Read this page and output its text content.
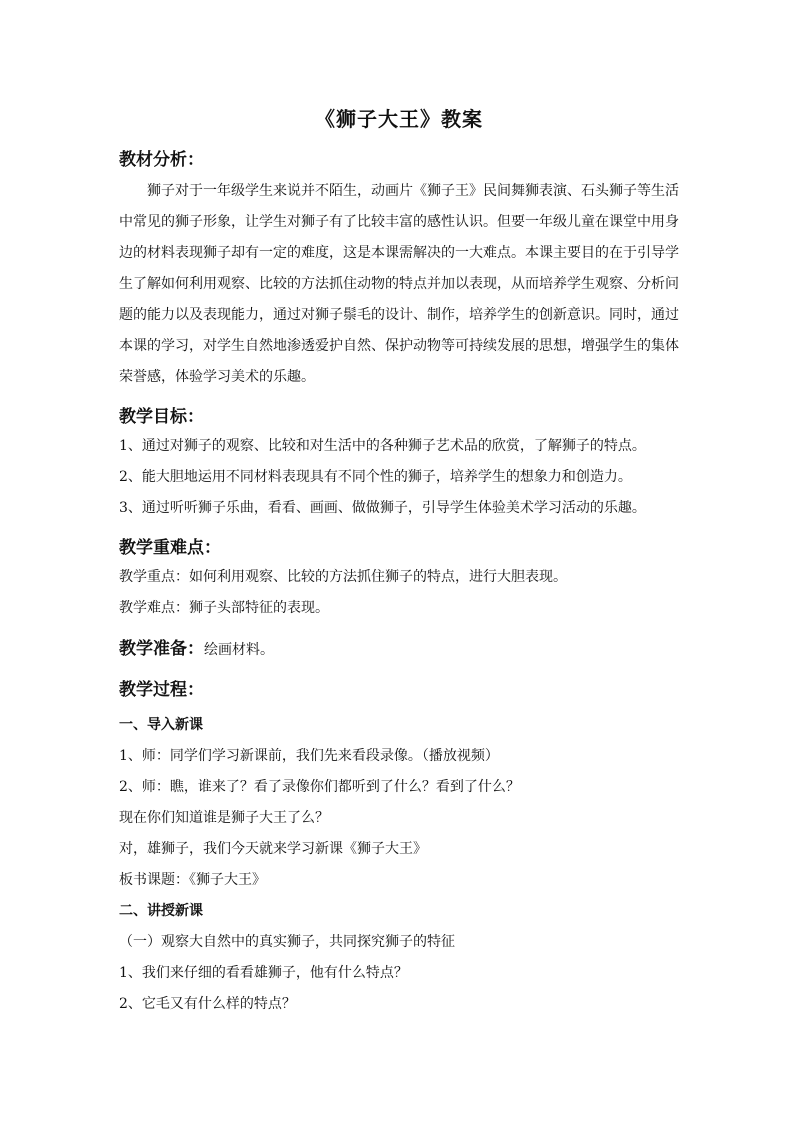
《狮子大王》教案
教材分析：
狮子对于一年级学生来说并不陌生，动画片《狮子王》民间舞狮表演、石头狮子等生活中常见的狮子形象，让学生对狮子有了比较丰富的感性认识。但要一年级儿童在课堂中用身边的材料表现狮子却有一定的难度，这是本课需解决的一大难点。本课主要目的在于引导学生了解如何利用观察、比较的方法抓住动物的特点并加以表现，从而培养学生观察、分析问题的能力以及表现能力，通过对狮子鬃毛的设计、制作，培养学生的创新意识。同时，通过本课的学习，对学生自然地渗透爱护自然、保护动物等可持续发展的思想，增强学生的集体荣誉感，体验学习美术的乐趣。
教学目标：
1、通过对狮子的观察、比较和对生活中的各种狮子艺术品的欣赏，了解狮子的特点。
2、能大胆地运用不同材料表现具有不同个性的狮子，培养学生的想象力和创造力。
3、通过听听狮子乐曲，看看、画画、做做狮子，引导学生体验美术学习活动的乐趣。
教学重难点：
教学重点：如何利用观察、比较的方法抓住狮子的特点，进行大胆表现。
教学难点：狮子头部特征的表现。
教学准备：绘画材料。
教学过程：
一、导入新课
1、师：同学们学习新课前，我们先来看段录像。（播放视频）
2、师：瞧，谁来了？看了录像你们都听到了什么？看到了什么？
现在你们知道谁是狮子大王了么？
对，雄狮子，我们今天就来学习新课《狮子大王》
板书课题：《狮子大王》
二、讲授新课
（一）观察大自然中的真实狮子，共同探究狮子的特征
1、我们来仔细的看看雄狮子，他有什么特点？
2、它毛又有什么样的特点？
